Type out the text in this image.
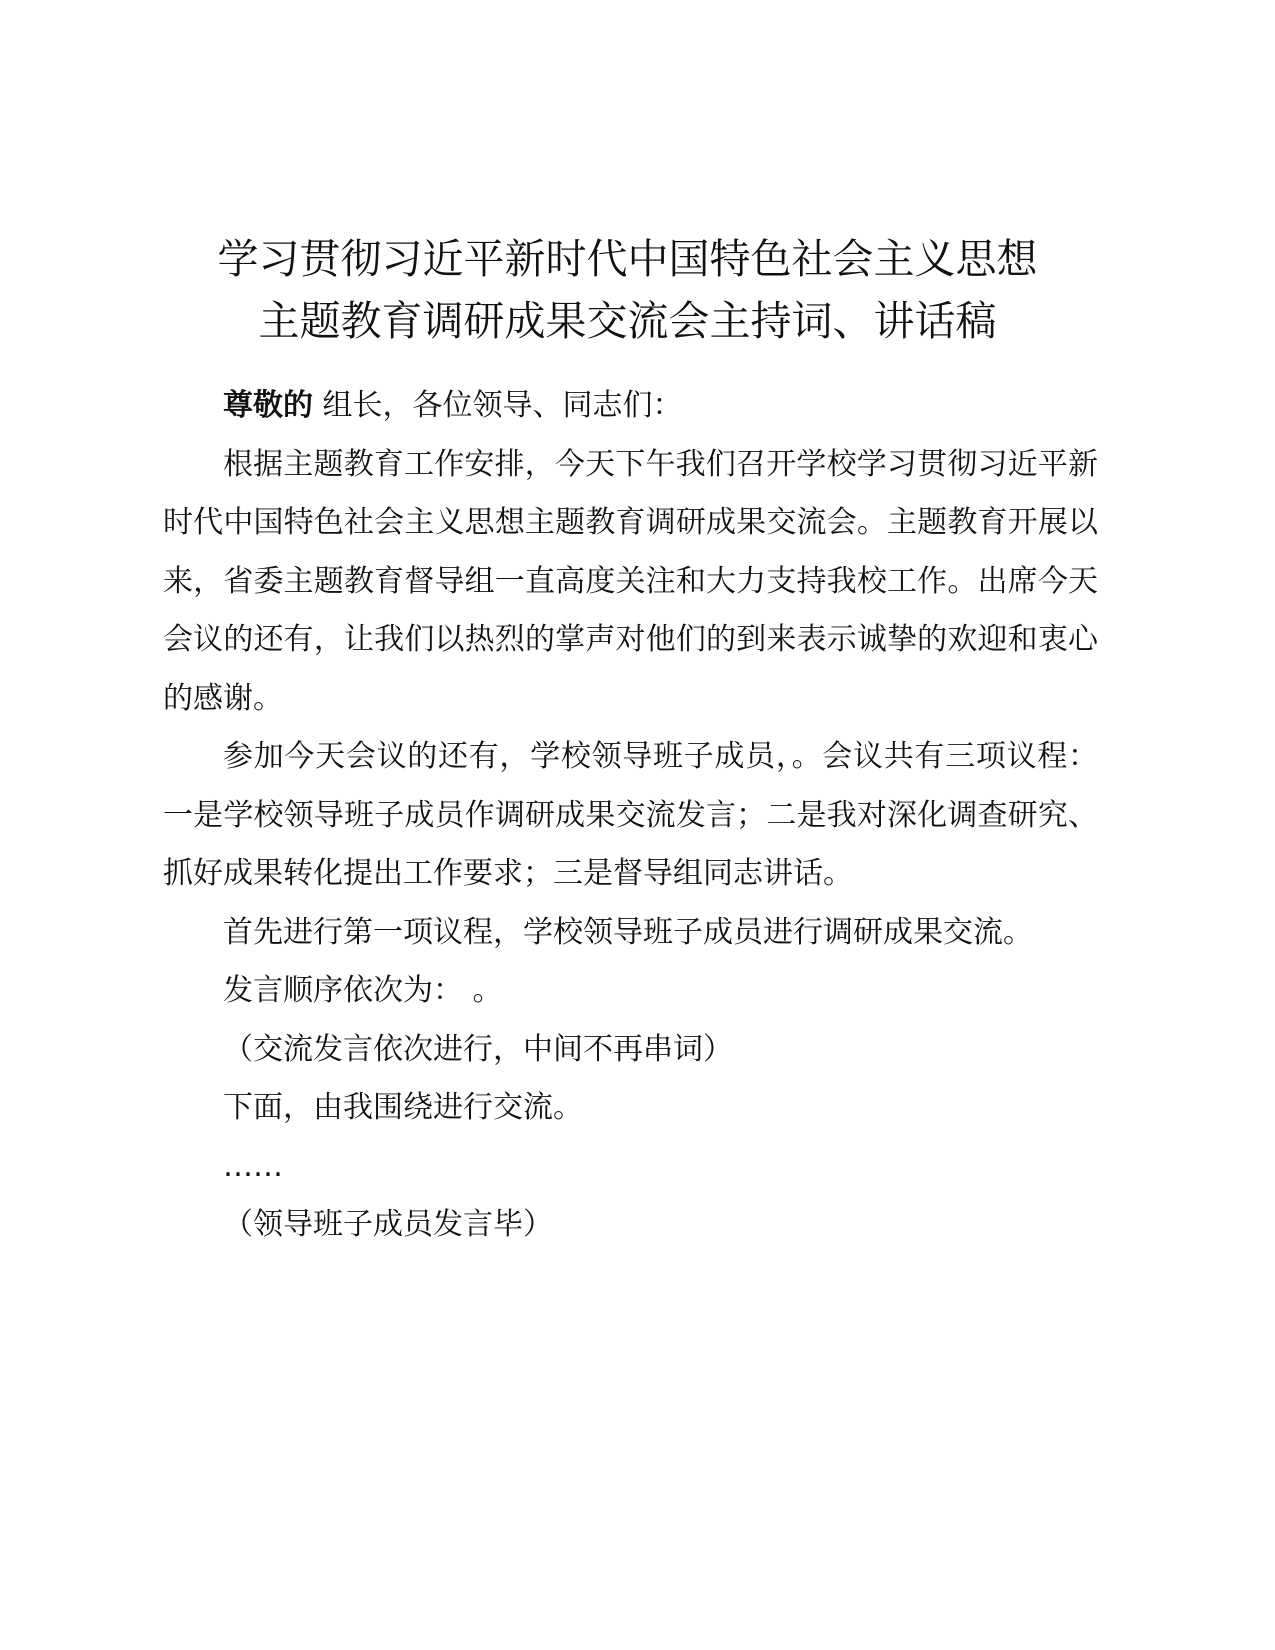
学习贯彻习近平新时代中国特色社会主义思想
主题教育调研成果交流会主持词、讲话稿

尊敬的 组长，各位领导、同志们：

根据主题教育工作安排，今天下午我们召开学校学习贯彻习近平新时代中国特色社会主义思想主题教育调研成果交流会。主题教育开展以来，省委主题教育督导组一直高度关注和大力支持我校工作。出席今天会议的还有，让我们以热烈的掌声对他们的到来表示诚挚的欢迎和衷心的感谢。

参加今天会议的还有，学校领导班子成员，。会议共有三项议程：一是学校领导班子成员作调研成果交流发言；二是我对深化调查研究、抓好成果转化提出工作要求；三是督导组同志讲话。

首先进行第一项议程，学校领导班子成员进行调研成果交流。

发言顺序依次为： 。

（交流发言依次进行，中间不再串词）

下面，由我围绕进行交流。

……

（领导班子成员发言毕）
